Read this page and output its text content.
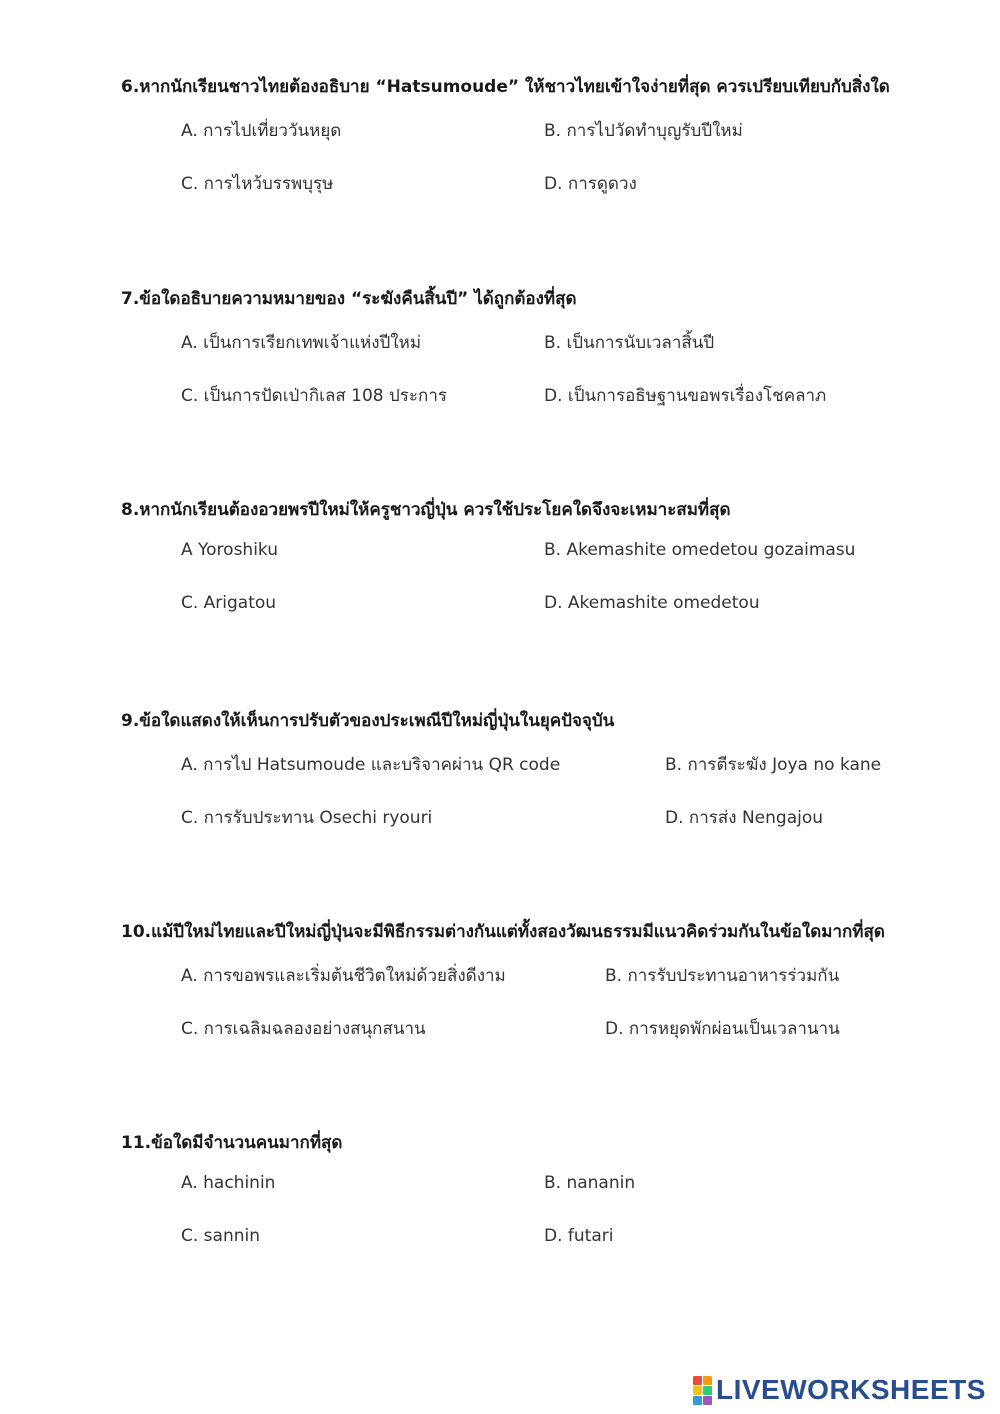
6.หากนักเรียนชาวไทยต้องอธิบาย “Hatsumoude” ให้ชาวไทยเข้าใจง่ายที่สุด ควรเปรียบเทียบกับสิ่งใด
A. การไปเที่ยววันหยุด	B. การไปวัดทำบุญรับปีใหม่
C. การไหว้บรรพบุรุษ	D. การดูดวง
7.ข้อใดอธิบายความหมายของ “ระฆังคืนสิ้นปี” ได้ถูกต้องที่สุด
A. เป็นการเรียกเทพเจ้าแห่งปีใหม่	B. เป็นการนับเวลาสิ้นปี
C. เป็นการปัดเป่ากิเลส 108 ประการ	D. เป็นการอธิษฐานขอพรเรื่องโชคลาภ
8.หากนักเรียนต้องอวยพรปีใหม่ให้ครูชาวญี่ปุ่น ควรใช้ประโยคใดจึงจะเหมาะสมที่สุด
A Yoroshiku	B. Akemashite omedetou gozaimasu
C. Arigatou	D. Akemashite omedetou
9.ข้อใดแสดงให้เห็นการปรับตัวของประเพณีปีใหม่ญี่ปุ่นในยุคปัจจุบัน
A. การไป Hatsumoude และบริจาคผ่าน QR code	B. การตีระฆัง Joya no kane
C. การรับประทาน Osechi ryouri	D. การส่ง Nengajou
10.แม้ปีใหม่ไทยและปีใหม่ญี่ปุ่นจะมีพิธีกรรมต่างกันแต่ทั้งสองวัฒนธรรมมีแนวคิดร่วมกันในข้อใดมากที่สุด
A. การขอพรและเริ่มต้นชีวิตใหม่ด้วยสิ่งดีงาม	B. การรับประทานอาหารร่วมกัน
C. การเฉลิมฉลองอย่างสนุกสนาน	D. การหยุดพักผ่อนเป็นเวลานาน
11.ข้อใดมีจำนวนคนมากที่สุด
A. hachinin	B. nananin
C. sannin	D. futari
LIVEWORKSHEETS
